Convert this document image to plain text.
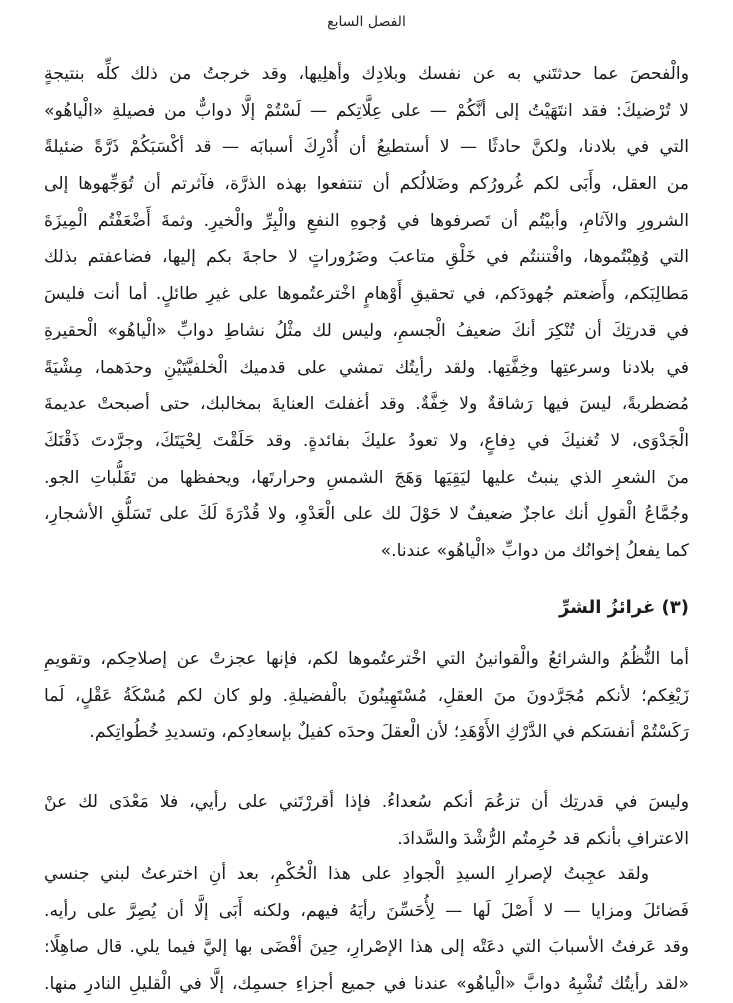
الفصل السابع
والْفحصَ عما حدثتَني به عن نفسك وبلادِك وأهلِيها، وقد خرجتُ من ذلك كلِّه بنتيجةٍ
لا تُرْضيكَ: فقد انتَهَيْتُ إلى أنَّكُمْ — على عِلَّاتِكم — لَسْتُمْ إلَّا دوابٌّ من فصيلةِ «الْياهُو»
التي في بلادنا، ولكنَّ حادثًا — لا أستطيعُ أن أُدْرِكَ أسبابَه — قد أكْسَبَكُمْ ذَرَّةً ضئيلةً
من العقل، وأَبَى لكم غُرورُكم وضَلالُكم أن تنتفعوا بهذه الذرَّة، فآثرتم أن تُوَجِّهوها إلى
الشرورِ والآثامِ، وأبيْتُم أن تَصرفوها في وُجوهِ النفعِ والْبِرِّ والْخيرِ. وثمةَ أَضْعَفْتُم الْمِيزَةَ
التي وُهِبْتُموها، وافْتننتُم في خَلْقِ متاعبَ وضَرُوراتٍ لا حاجةَ بكم إليها، فضاعفتم بذلك
مَطالِبَكم، وأَضعتم جُهودَكم، في تحقيقِ أَوْهامٍ اخْترعتُموها على غيرِ طائلٍ. أما أنت فليسَ
في قدرتِكَ أن تُنْكِرَ أنكَ ضعيفُ الْجسمِ، وليس لك مثْلُ نشاطِ دوابِّ «الْياهُو» الْحقيرةِ
في بلادنا وسرعتِها وخِفَّتِها. ولقد رأيتُك تمشي على قدميك الْخلفيَّتَيْنِ وحدَهما، مِشْيَةً
مُضطربةً، ليسَ فيها رَشاقةٌ ولا خِفَّةٌ. وقد أغفلتَ العنايةَ بمخالبك، حتى أصبحتْ عديمةَ
الْجَدْوَى، لا تُغنيكَ في دِفاعٍ، ولا تعودُ عليكَ بفائدةٍ. وقد حَلَقْتَ لِحْيَتَكَ، وجرَّدتَ ذَقْنَكَ
منَ الشعرِ الذي ينبتُ عليها ليَقِيَها وَهَجَ الشمسِ وحرارتَها، ويحفظها من تَقَلُّباتِ الجو.
وجُمَّاعُ الْقولِ أنك عاجزٌ ضعيفٌ لا حَوْلَ لك على الْعَدْوِ، ولا قُدْرَةَ لَكَ على تَسَلُّقِ الأشجارِ،
كما يفعلُ إخوانُك من دوابِّ «الْياهُو» عندنا.»
(٣) غرائزُ الشرِّ
أما النُّظُمُ والشرائعُ والْقوانينُ التي اخْترعتُموها لكم، فإنها عجزتْ عن إصلاحِكم، وتقويمِ
زَيْغِكم؛ لأنكم مُجَرَّدونَ منَ العقلِ، مُسْتَهِينُونَ بالْفضيلةِ. ولو كان لكم مُسْكَةُ عَقْلٍ، لَما
رَكَسْتُمْ أنفسَكم في الدَّرْكِ الأَوْهَدِ؛ لأن الْعقلَ وحدَه كفيلٌ بإسعادِكم، وتسديدِ خُطُواتِكم.
وليسَ في قدرتِك أن تزعُمَ أنكم سُعداءُ. فإذا أقررْتَني على رأيي، فلا مَعْدَى لك عنْ
الاعترافِ بأنكم قد حُرِمتُم الرُّشْدَ والسَّدادَ.
ولقد عجِبتُ لإصرارِ السيدِ الْجوادِ على هذا الْحُكْمِ، بعد أنِ اخترعتُ لبني جنسي
فَضائلَ ومزايا — لا أَصْلَ لَها — لِأُحَسِّنَ رأيَهُ فيهم، ولكنه أَبَى إلَّا أن يُصِرَّ على رأيه.
وقد عَرفتُ الأسبابَ التي دعَتْه إلى هذا الإصْرارِ، حِينَ أفْضَى بها إليَّ فيما يلي. قال صاهِلًا:
«لقد رأيتُك تُشْبِهُ دوابَّ «الْياهُو» عندنا في جميع أجزاءِ جسمِك، إلَّا في الْقليلِ النادرِ منها.
